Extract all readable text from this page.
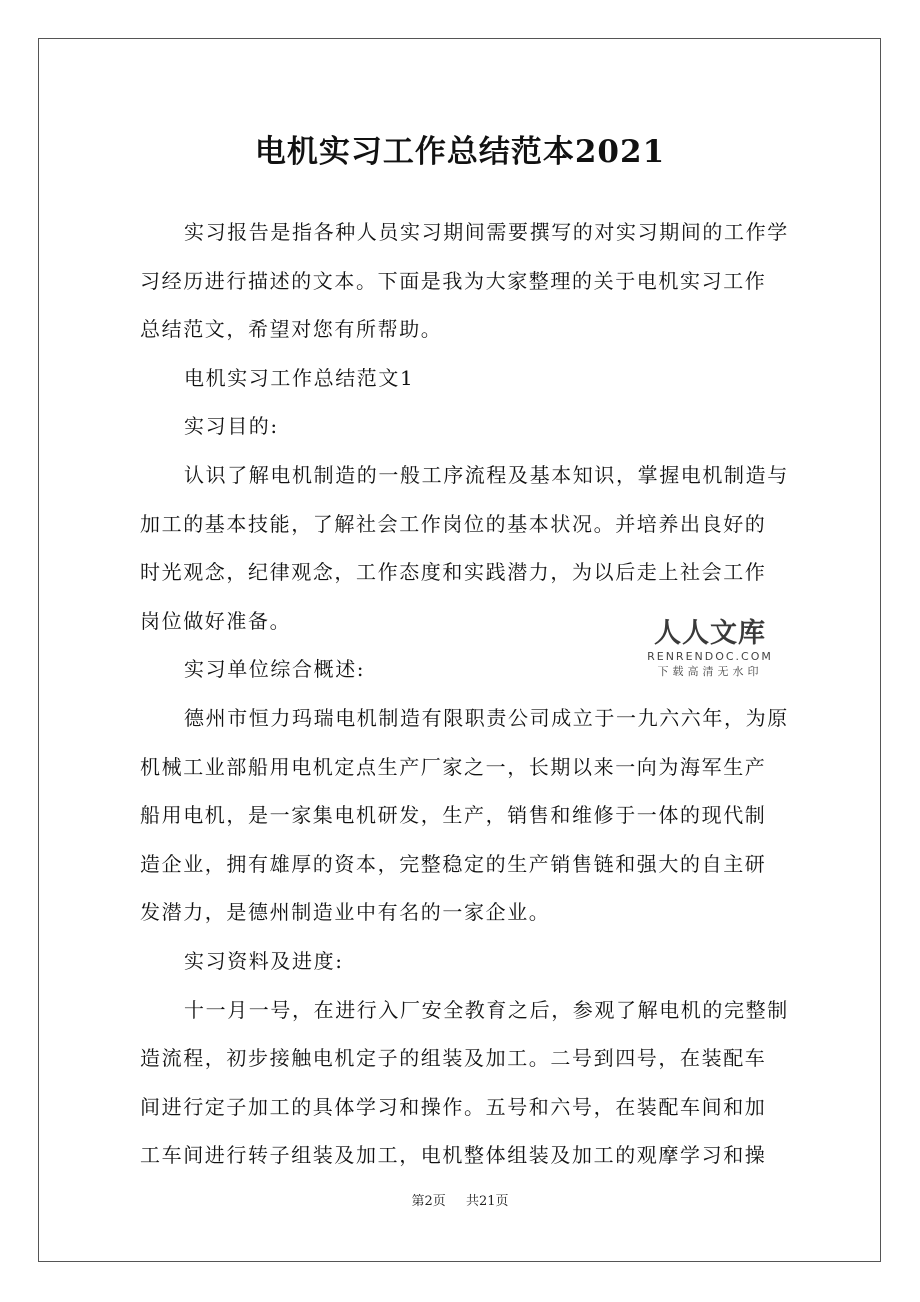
电机实习工作总结范本2021

实习报告是指各种人员实习期间需要撰写的对实习期间的工作学
习经历进行描述的文本。下面是我为大家整理的关于电机实习工作
总结范文，希望对您有所帮助。

电机实习工作总结范文1

实习目的:

认识了解电机制造的一般工序流程及基本知识，掌握电机制造与
加工的基本技能，了解社会工作岗位的基本状况。并培养出良好的
时光观念，纪律观念，工作态度和实践潜力，为以后走上社会工作
岗位做好准备。

实习单位综合概述:

德州市恒力玛瑞电机制造有限职责公司成立于一九六六年，为原
机械工业部船用电机定点生产厂家之一，长期以来一向为海军生产
船用电机，是一家集电机研发，生产，销售和维修于一体的现代制
造企业，拥有雄厚的资本，完整稳定的生产销售链和强大的自主研
发潜力，是德州制造业中有名的一家企业。

实习资料及进度:

十一月一号，在进行入厂安全教育之后，参观了解电机的完整制
造流程，初步接触电机定子的组装及加工。二号到四号，在装配车
间进行定子加工的具体学习和操作。五号和六号，在装配车间和加
工车间进行转子组装及加工，电机整体组装及加工的观摩学习和操

人人文库
RENRENDOC.COM
下载高清无水印
第2页 共21页
